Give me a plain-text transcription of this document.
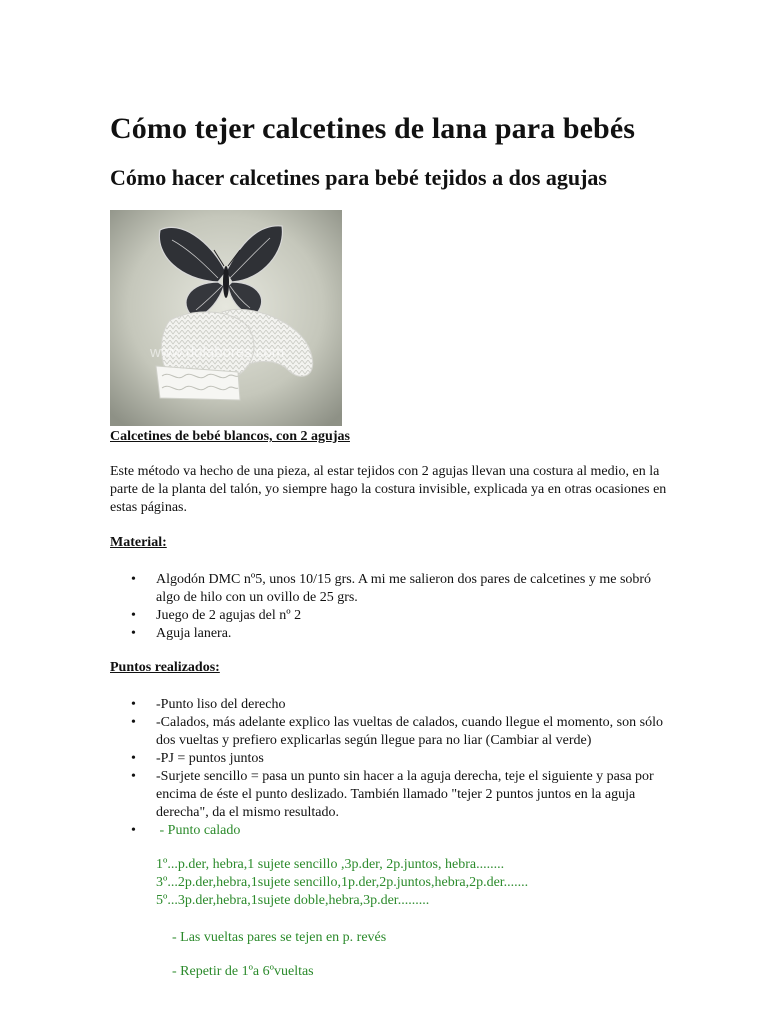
Cómo tejer calcetines de lana para bebés
Cómo hacer calcetines para bebé tejidos a dos agujas
www.dolabores.com
Calcetines de bebé blancos, con 2 agujas

Este método va hecho de una pieza, al estar tejidos con 2 agujas llevan una costura al medio, en la parte de la planta del talón, yo siempre hago la costura invisible, explicada ya en otras ocasiones en estas páginas.

Material:
• Algodón DMC nº5, unos 10/15 grs. A mi me salieron dos pares de calcetines y me sobró algo de hilo con un ovillo de 25 grs.
• Juego de 2 agujas del nº 2
• Aguja lanera.
Puntos realizados:
• -Punto liso del derecho
• -Calados, más adelante explico las vueltas de calados, cuando llegue el momento, son sólo dos vueltas y prefiero explicarlas según llegue para no liar (Cambiar al verde)
• -PJ = puntos juntos
• -Surjete sencillo = pasa un punto sin hacer a la aguja derecha, teje el siguiente y pasa por encima de éste el punto deslizado. También llamado "tejer 2 puntos juntos en la aguja derecha", da el mismo resultado.
•  - Punto calado
1º...p.der, hebra,1 sujete sencillo ,3p.der, 2p.juntos, hebra........
3º...2p.der,hebra,1sujete sencillo,1p.der,2p.juntos,hebra,2p.der.......
5º...3p.der,hebra,1sujete doble,hebra,3p.der.........
- Las vueltas pares se tejen en p. revés
- Repetir de 1ºa 6ºvueltas
